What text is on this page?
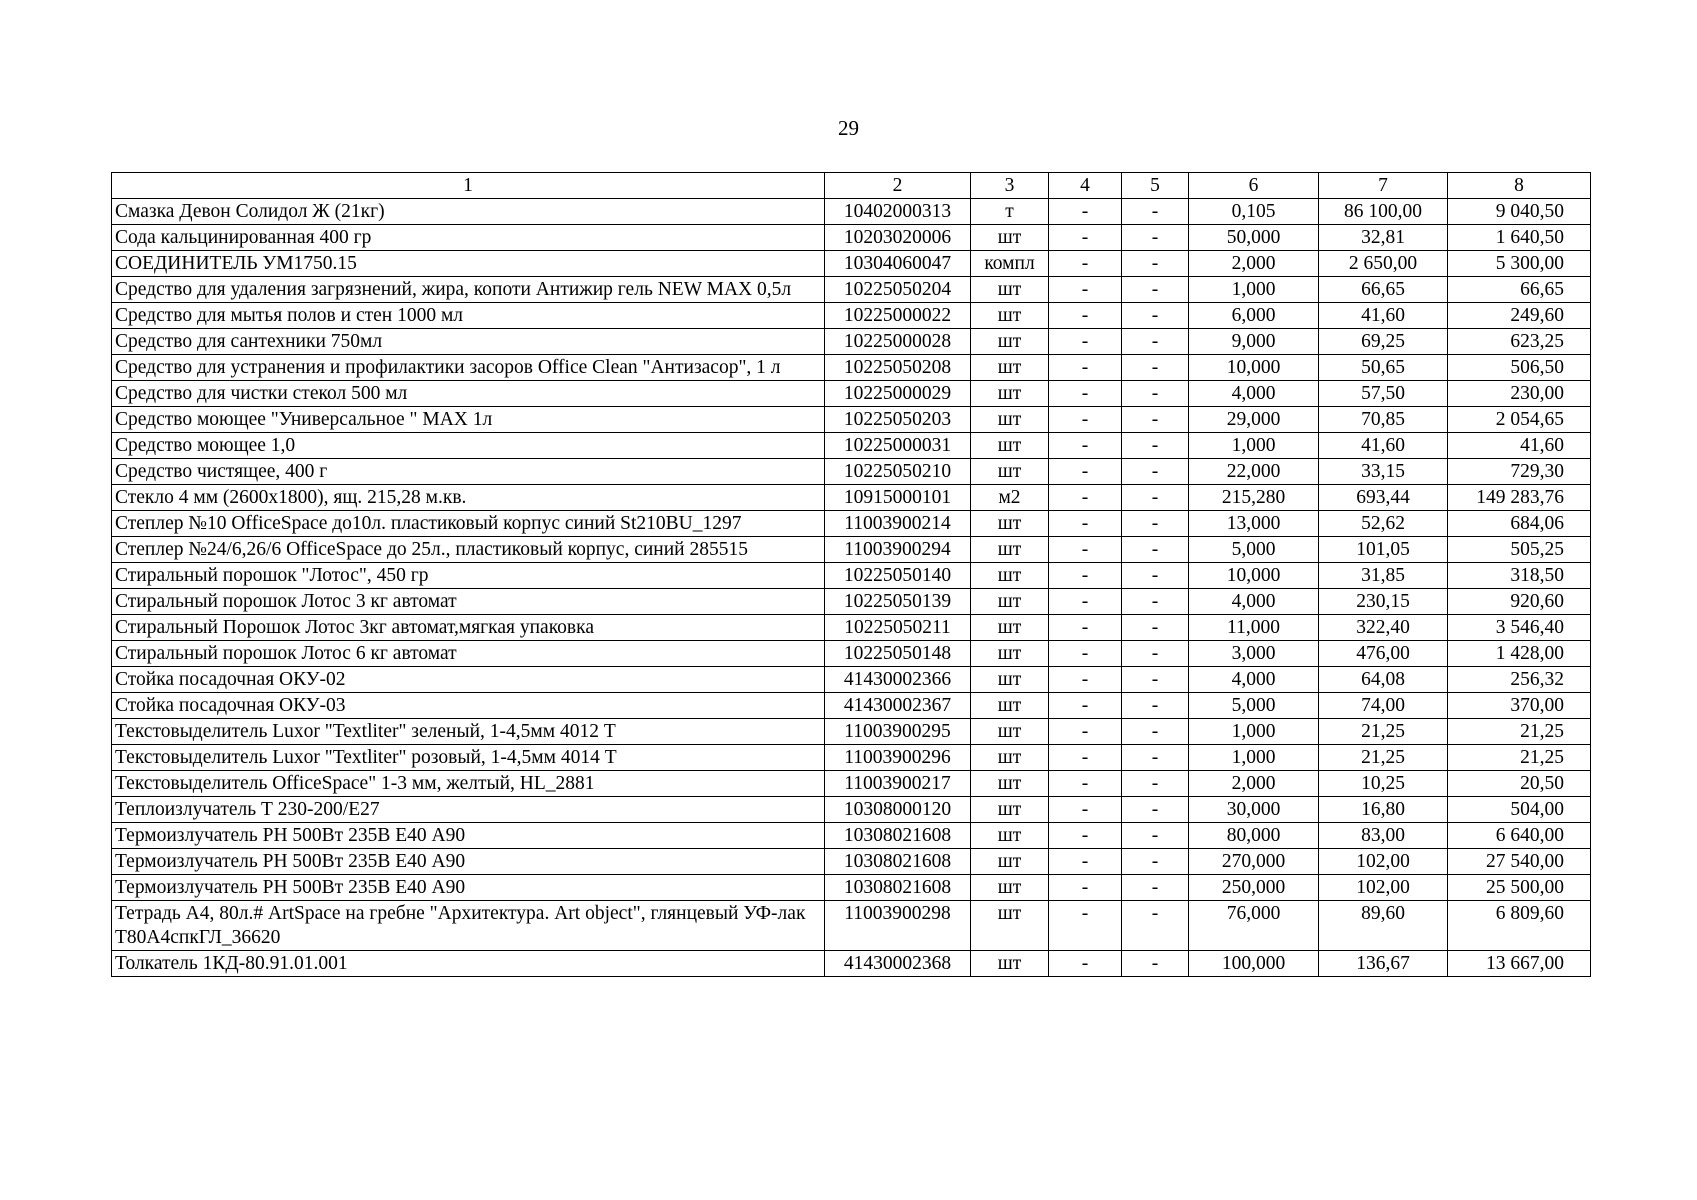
29
1	2	3	4	5	6	7	8
Смазка Девон Солидол Ж (21кг)	10402000313	т	-	-	0,105	86 100,00	9 040,50
Сода кальцинированная 400 гр	10203020006	шт	-	-	50,000	32,81	1 640,50
СОЕДИНИТЕЛЬ УМ1750.15	10304060047	компл	-	-	2,000	2 650,00	5 300,00
Средство для удаления загрязнений, жира, копоти Антижир гель NEW MAX 0,5л	10225050204	шт	-	-	1,000	66,65	66,65
Средство для мытья полов и стен 1000 мл	10225000022	шт	-	-	6,000	41,60	249,60
Средство для сантехники 750мл	10225000028	шт	-	-	9,000	69,25	623,25
Средство для устранения и профилактики засоров Office Clean "Антизасор", 1 л	10225050208	шт	-	-	10,000	50,65	506,50
Средство для чистки стекол 500 мл	10225000029	шт	-	-	4,000	57,50	230,00
Средство моющее "Универсальное " MAX 1л	10225050203	шт	-	-	29,000	70,85	2 054,65
Средство моющее 1,0	10225000031	шт	-	-	1,000	41,60	41,60
Средство чистящее, 400 г	10225050210	шт	-	-	22,000	33,15	729,30
Стекло 4 мм (2600х1800), ящ. 215,28 м.кв.	10915000101	м2	-	-	215,280	693,44	149 283,76
Степлер №10 OfficeSpace до10л. пластиковый корпус синий St210BU_1297	11003900214	шт	-	-	13,000	52,62	684,06
Степлер №24/6,26/6 OfficeSpace до 25л., пластиковый корпус, синий 285515	11003900294	шт	-	-	5,000	101,05	505,25
Стиральный порошок "Лотос", 450 гр	10225050140	шт	-	-	10,000	31,85	318,50
Стиральный порошок Лотос 3 кг автомат	10225050139	шт	-	-	4,000	230,15	920,60
Стиральный Порошок Лотос 3кг автомат,мягкая упаковка	10225050211	шт	-	-	11,000	322,40	3 546,40
Стиральный порошок Лотос 6 кг автомат	10225050148	шт	-	-	3,000	476,00	1 428,00
Стойка посадочная ОКУ-02	41430002366	шт	-	-	4,000	64,08	256,32
Стойка посадочная ОКУ-03	41430002367	шт	-	-	5,000	74,00	370,00
Текстовыделитель Luxor "Textliter" зеленый, 1-4,5мм 4012 T	11003900295	шт	-	-	1,000	21,25	21,25
Текстовыделитель Luxor "Textliter" розовый, 1-4,5мм 4014 T	11003900296	шт	-	-	1,000	21,25	21,25
Текстовыделитель OfficeSpace" 1-3 мм, желтый, HL_2881	11003900217	шт	-	-	2,000	10,25	20,50
Теплоизлучатель Т 230-200/Е27	10308000120	шт	-	-	30,000	16,80	504,00
Термоизлучатель РН 500Вт 235В Е40 А90	10308021608	шт	-	-	80,000	83,00	6 640,00
Термоизлучатель РН 500Вт 235В Е40 А90	10308021608	шт	-	-	270,000	102,00	27 540,00
Термоизлучатель РН 500Вт 235В Е40 А90	10308021608	шт	-	-	250,000	102,00	25 500,00
Тетрадь А4, 80л.# ArtSpace на гребне "Архитектура. Art object", глянцевый УФ-лак Т80А4спкГЛ_36620	11003900298	шт	-	-	76,000	89,60	6 809,60
Толкатель 1КД-80.91.01.001	41430002368	шт	-	-	100,000	136,67	13 667,00
